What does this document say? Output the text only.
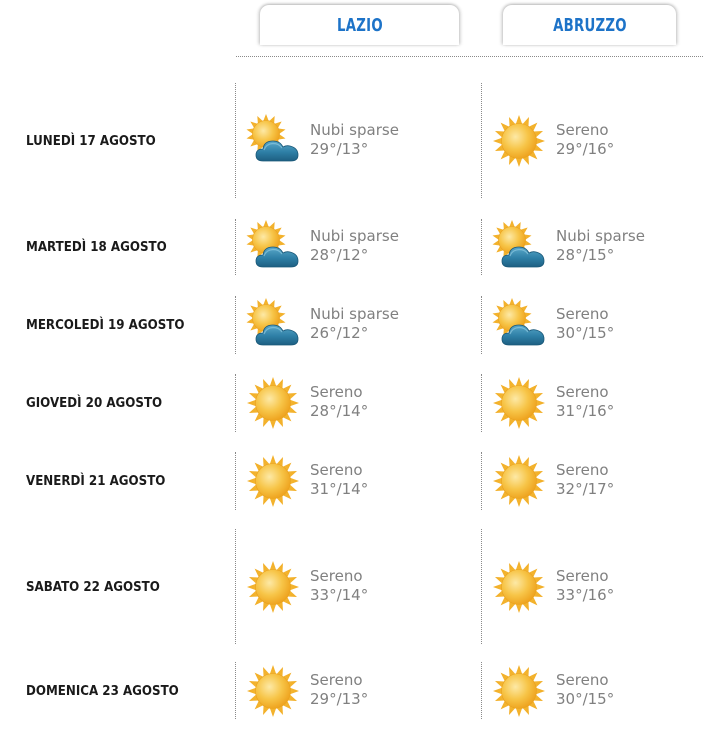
LAZIO	ABRUZZO
LUNEDÌ 17 AGOSTO
Nubi sparse
29°/13°
Sereno
29°/16°
MARTEDÌ 18 AGOSTO
Nubi sparse
28°/12°
Nubi sparse
28°/15°
MERCOLEDÌ 19 AGOSTO
Nubi sparse
26°/12°
Sereno
30°/15°
GIOVEDÌ 20 AGOSTO
Sereno
28°/14°
Sereno
31°/16°
VENERDÌ 21 AGOSTO
Sereno
31°/14°
Sereno
32°/17°
SABATO 22 AGOSTO
Sereno
33°/14°
Sereno
33°/16°
DOMENICA 23 AGOSTO
Sereno
29°/13°
Sereno
30°/15°
